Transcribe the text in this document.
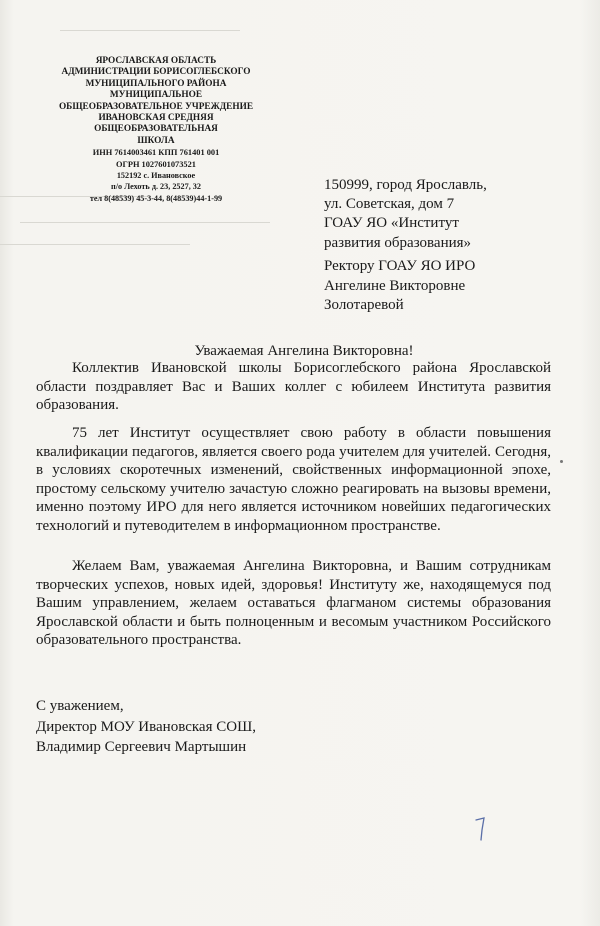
ЯРОСЛАВСКАЯ ОБЛАСТЬ
АДМИНИСТРАЦИИ БОРИСОГЛЕБСКОГО
МУНИЦИПАЛЬНОГО РАЙОНА
МУНИЦИПАЛЬНОЕ
ОБЩЕОБРАЗОВАТЕЛЬНОЕ УЧРЕЖДЕНИЕ
ИВАНОВСКАЯ СРЕДНЯЯ
ОБЩЕОБРАЗОВАТЕЛЬНАЯ
ШКОЛА
ИНН 7614003461 КПП 761401 001
ОГРН 1027601073521
152192 с. Ивановское
п/о Лехоть д. 23, 2527, 32
тел 8(48539) 45-3-44, 8(48539)44-1-99
150999, город Ярославль,
ул. Советская, дом 7
ГОАУ ЯО «Институт
развития образования»
Ректору ГОАУ ЯО ИРО
Ангелине Викторовне
Золотаревой
Уважаемая Ангелина Викторовна!

Коллектив Ивановской школы Борисоглебского района Ярославской области поздравляет Вас и Ваших коллег с юбилеем Института развития образования.

75 лет Институт осуществляет свою работу в области повышения квалификации педагогов, является своего рода учителем для учителей. Сегодня, в условиях скоротечных изменений, свойственных информационной эпохе, простому сельскому учителю зачастую сложно реагировать на вызовы времени, именно поэтому ИРО для него является источником новейших педагогических технологий и путеводителем в информационном пространстве.

Желаем Вам, уважаемая Ангелина Викторовна, и Вашим сотрудникам творческих успехов, новых идей, здоровья! Институту же, находящемуся под Вашим управлением, желаем оставаться флагманом системы образования Ярославской области и быть полноценным и весомым участником Российского образовательного пространства.

С уважением,
Директор МОУ Ивановская СОШ,
Владимир Сергеевич Мартышин
